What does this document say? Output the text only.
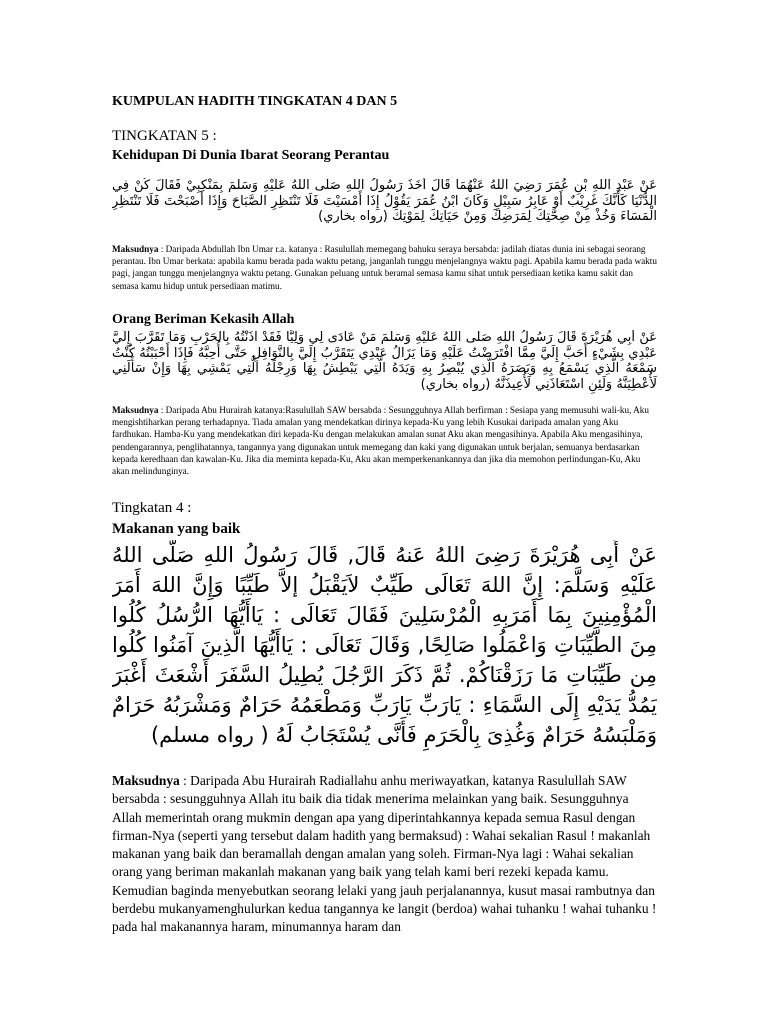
KUMPULAN HADITH TINGKATAN 4 DAN 5

TINGKATAN 5 :

Kehidupan Di Dunia Ibarat Seorang Perantau

عَنْ عَبْدِ اللهِ بْنِ عُمَرَ رَضِيَ اللهُ عَنْهُمَا قَالَ أَخَذَ رَسُولُ اللهِ صَلَّى اللهُ عَلَيْهِ وَسَلَّمَ بِمَنْكِبِيْ فَقَالَ كُنْ فِي الدُّنْيَا كَأَنَّكَ غَرِيْبٌ أَوْ عَابِرُ سَبِيْلٍ وَكَانَ ابْنُ عُمَرَ يَقُوْلُ إِذَا أَمْسَيْتَ فَلَا تَنْتَظِرِ الصَّبَاحَ وَإِذَا أَصْبَحْتَ فَلَا تَنْتَظِرِ الْمَسَاءَ وَخُذْ مِنْ صِحَّتِكَ لِمَرَضِكَ وَمِنْ حَيَاتِكَ لِمَوْتِكَ (رواه بخاري)

Maksudnya : Daripada Abdullah Ibn Umar r.a. katanya : Rasulullah memegang bahuku seraya bersabda: jadilah diatas dunia ini sebagai seorang perantau. Ibn Umar berkata: apabila kamu berada pada waktu petang, janganlah tunggu menjelangnya waktu pagi. Apabila kamu berada pada waktu pagi, jangan tunggu menjelangnya waktu petang. Gunakan peluang untuk beramal semasa kamu sihat untuk persediaan ketika kamu sakit dan semasa kamu hidup untuk persediaan matimu.

Orang Beriman Kekasih Allah

عَنْ أَبِي هُرَيْرَةَ قَالَ رَسُولُ اللهِ صَلَّى اللهُ عَلَيْهِ وَسَلَّمَ مَنْ عَادَى لِي وَلِيًّا فَقَدْ آذَنْتُهُ بِالْحَرْبِ وَمَا تَقَرَّبَ إِلَيَّ عَبْدِي بِشَيْءٍ أَحَبَّ إِلَيَّ مِمَّا افْتَرَضْتُ عَلَيْهِ وَمَا يَزَالُ عَبْدِي يَتَقَرَّبُ إِلَيَّ بِالنَّوَافِلِ حَتَّى أُحِبَّهُ فَإِذَا أَحْبَبْتُهُ كُنْتُ سَمْعَهُ الَّذِي يَسْمَعُ بِهِ وَبَصَرَهُ الَّذِي يُبْصِرُ بِهِ وَيَدَهُ الَّتِي يَبْطِشُ بِهَا وَرِجْلَهُ الَّتِي يَمْشِي بِهَا وَإِنْ سَأَلَنِي لَأُعْطِيَنَّهُ وَلَئِنِ اسْتَعَاذَنِي لَأُعِيذَنَّهُ (رواه بخاري)

Maksudnya : Daripada Abu Hurairah katanya:Rasulullah SAW bersabda : Sesungguhnya Allah berfirman : Sesiapa yang memusuhi wali-ku, Aku mengishtiharkan perang terhadapnya. Tiada amalan yang mendekatkan dirinya kepada-Ku yang lebih Kusukai daripada amalan yang Aku fardhukan. Hamba-Ku yang mendekatkan diri kepada-Ku dengan melakukan amalan sunat Aku akan mengasihinya. Apabila Aku mengasihinya, pendengarannya, penglihatannya, tangannya yang digunakan untuk memegang dan kaki yang digunakan untuk berjalan, semuanya berdasarkan kepada keredhaan dan kawalan-Ku. Jika dia meminta kepada-Ku, Aku akan memperkenankannya dan jika dia memohon perlindungan-Ku, Aku akan melindunginya.

Tingkatan 4 :

Makanan yang baik

عَنْ أَبِى هُرَيْرَةَ رَضِىَ اللهُ عَنهُ قَالَ, قَالَ رَسُولُ اللهِ صَلَّى اللهُ عَلَيْهِ وَسَلَّمَ: إِنَّ اللهَ تَعَالَى طَيِّبٌ لاَيَقْبَلُ إلاَّ طَيِّبًا وَإِنَّ اللهَ أَمَرَ الْمُؤْمِنِينَ بِمَا أَمَرَبِهِ الْمُرْسَلِينَ فَقَالَ تَعَالَى : يَاأَيُّهَا الرُّسُلُ كُلُوا مِنَ الطَّيِّبَاتِ وَاعْمَلُوا صَالِحًا, وَقَالَ تَعَالَى : يَاأَيُّهَا الَّذِينَ آمَنُوا كُلُوا مِن طَيِّبَاتِ مَا رَزَقْنَاكُمْ. ثُمَّ ذَكَرَ الرَّجُلَ يُطِيلُ السَّفَرَ أَشْعَثَ أَغْبَرَ يَمُدُّ يَدَيْهِ إِلَى السَّمَاءِ : يَارَبِّ يَارَبِّ وَمَطْعَمُهُ حَرَامٌ وَمَشْرَبُهُ حَرَامٌ وَمَلْبَسُهُ حَرَامٌ وَغُذِىَ بِالْحَرَمِ فَأَنَّى يُسْتَجَابُ لَهُ ( رواه مسلم)

Maksudnya : Daripada Abu Hurairah Radiallahu anhu meriwayatkan, katanya Rasulullah SAW bersabda : sesungguhnya Allah itu baik dia tidak menerima melainkan yang baik. Sesungguhnya Allah memerintah orang mukmin dengan apa yang diperintahkannya kepada semua Rasul dengan firman-Nya (seperti yang tersebut dalam hadith yang bermaksud) : Wahai sekalian Rasul ! makanlah makanan yang baik dan beramallah dengan amalan yang soleh. Firman-Nya lagi : Wahai sekalian orang yang beriman makanlah makanan yang baik yang telah kami beri rezeki kepada kamu. Kemudian baginda menyebutkan seorang lelaki yang jauh perjalanannya, kusut masai rambutnya dan berdebu mukanyamenghulurkan kedua tangannya ke langit (berdoa) wahai tuhanku ! wahai tuhanku ! pada hal makanannya haram, minumannya haram dan
